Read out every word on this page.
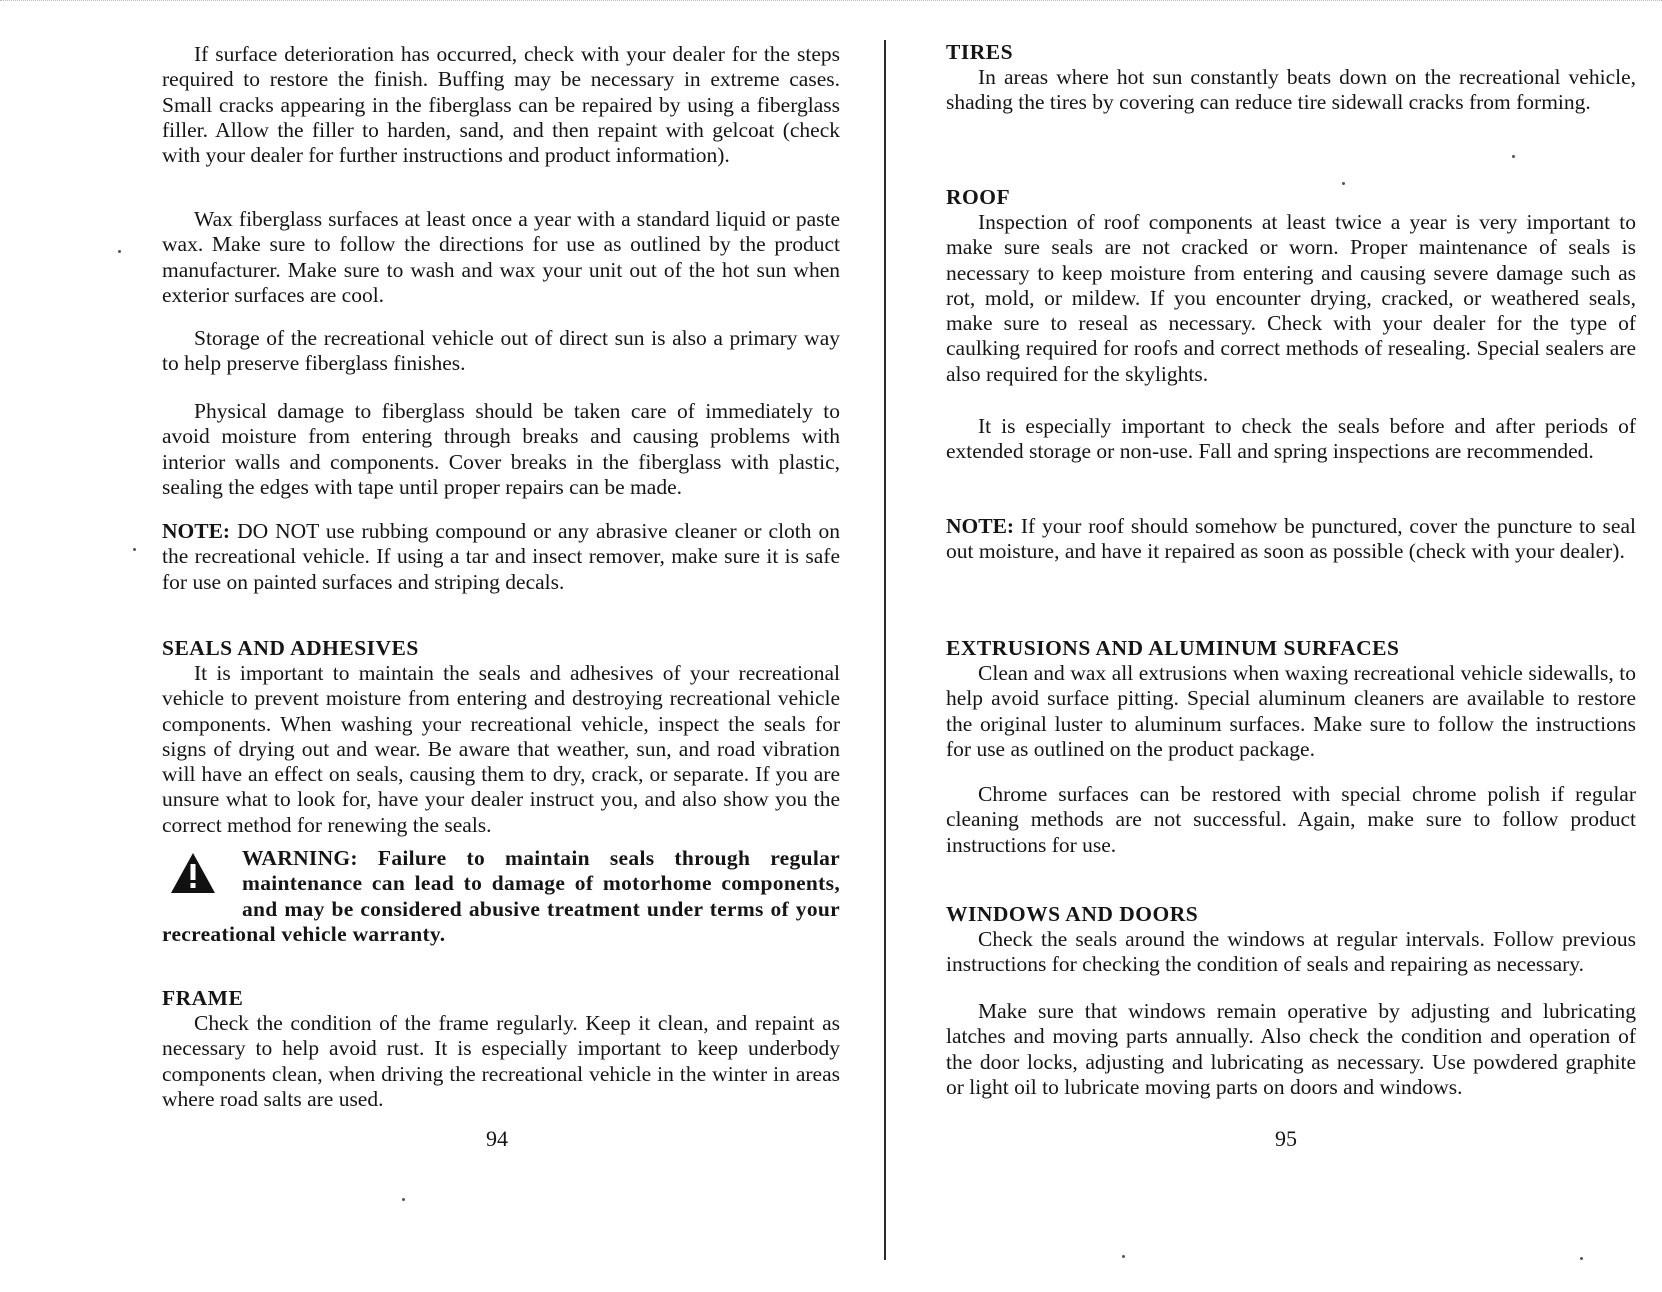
If surface deterioration has occurred, check with your dealer for the steps required to restore the finish. Buffing may be necessary in extreme cases. Small cracks appearing in the fiberglass can be repaired by using a fiberglass filler. Allow the filler to harden, sand, and then repaint with gelcoat (check with your dealer for further instructions and product information).

Wax fiberglass surfaces at least once a year with a standard liquid or paste wax. Make sure to follow the directions for use as outlined by the product manufacturer. Make sure to wash and wax your unit out of the hot sun when exterior surfaces are cool.

Storage of the recreational vehicle out of direct sun is also a primary way to help preserve fiberglass finishes.

Physical damage to fiberglass should be taken care of immediately to avoid moisture from entering through breaks and causing problems with interior walls and components. Cover breaks in the fiberglass with plastic, sealing the edges with tape until proper repairs can be made.

NOTE: DO NOT use rubbing compound or any abrasive cleaner or cloth on the recreational vehicle. If using a tar and insect remover, make sure it is safe for use on painted surfaces and striping decals.

SEALS AND ADHESIVES

It is important to maintain the seals and adhesives of your recreational vehicle to prevent moisture from entering and destroying recreational vehicle components. When washing your recreational vehicle, inspect the seals for signs of drying out and wear. Be aware that weather, sun, and road vibration will have an effect on seals, causing them to dry, crack, or separate. If you are unsure what to look for, have your dealer instruct you, and also show you the correct method for renewing the seals.

WARNING: Failure to maintain seals through regular maintenance can lead to damage of motorhome components, and may be considered abusive treatment under terms of your recreational vehicle warranty.

FRAME

Check the condition of the frame regularly. Keep it clean, and repaint as necessary to help avoid rust. It is especially important to keep underbody components clean, when driving the recreational vehicle in the winter in areas where road salts are used.

94
TIRES

In areas where hot sun constantly beats down on the recreational vehicle, shading the tires by covering can reduce tire sidewall cracks from forming.

ROOF

Inspection of roof components at least twice a year is very important to make sure seals are not cracked or worn. Proper maintenance of seals is necessary to keep moisture from entering and causing severe damage such as rot, mold, or mildew. If you encounter drying, cracked, or weathered seals, make sure to reseal as necessary. Check with your dealer for the type of caulking required for roofs and correct methods of resealing. Special sealers are also required for the skylights.

It is especially important to check the seals before and after periods of extended storage or non-use. Fall and spring inspections are recommended.

NOTE: If your roof should somehow be punctured, cover the puncture to seal out moisture, and have it repaired as soon as possible (check with your dealer).

EXTRUSIONS AND ALUMINUM SURFACES

Clean and wax all extrusions when waxing recreational vehicle sidewalls, to help avoid surface pitting. Special aluminum cleaners are available to restore the original luster to aluminum surfaces. Make sure to follow the instructions for use as outlined on the product package.

Chrome surfaces can be restored with special chrome polish if regular cleaning methods are not successful. Again, make sure to follow product instructions for use.

WINDOWS AND DOORS

Check the seals around the windows at regular intervals. Follow previous instructions for checking the condition of seals and repairing as necessary.

Make sure that windows remain operative by adjusting and lubricating latches and moving parts annually. Also check the condition and operation of the door locks, adjusting and lubricating as necessary. Use powdered graphite or light oil to lubricate moving parts on doors and windows.

95
